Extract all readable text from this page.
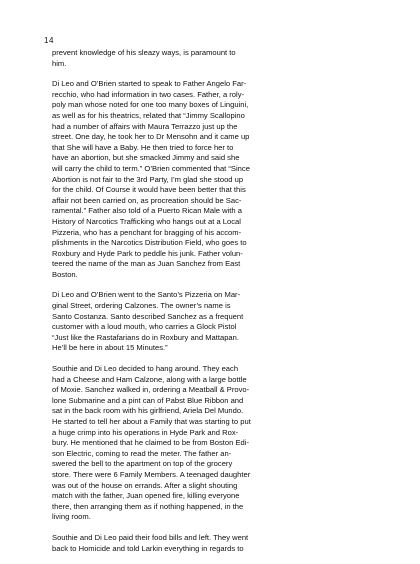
14

prevent knowledge of his sleazy ways, is paramount to
him.

Di Leo and O’Brien started to speak to Father Angelo Far-
recchio, who had information in two cases. Father, a roly-
poly man whose noted for one too many boxes of Linguini,
as well as for his theatrics, related that “Jimmy Scallopino
had a number of affairs with Maura Terrazzo just up the
street. One day, he took her to Dr Mensohn and it came up
that She will have a Baby. He then tried to force her to
have an abortion, but she smacked Jimmy and said she
will carry the child to term.” O’Brien commented that “Since
Abortion is not fair to the 3rd Party, I’m glad she stood up
for the child. Of Course it would have been better that this
affair not been carried on, as procreation should be Sac-
ramental.” Father also told of a Puerto Rican Male with a
History of Narcotics Trafficking who hangs out at a Local
Pizzeria, who has a penchant for bragging of his accom-
plishments in the Narcotics Distribution Field, who goes to
Roxbury and Hyde Park to peddle his junk. Father volun-
teered the name of the man as Juan Sanchez from East
Boston.

Di Leo and O’Brien went to the Santo’s Pizzeria on Mar-
ginal Street, ordering Calzones. The owner’s name is
Santo Costanza. Santo described Sanchez as a frequent
customer with a loud mouth, who carries a Glock Pistol
“Just like the Rastafarians do in Roxbury and Mattapan.
He’ll be here in about 15 Minutes.”

Southie and Di Leo decided to hang around. They each
had a Cheese and Ham Calzone, along with a large bottle
of Moxie. Sanchez walked in, ordering a Meatball & Provo-
lone Submarine and a pint can of Pabst Blue Ribbon and
sat in the back room with his girlfriend, Ariela Del Mundo.
He started to tell her about a Family that was starting to put
a huge crimp into his operations in Hyde Park and Rox-
bury. He mentioned that he claimed to be from Boston Edi-
son Electric, coming to read the meter. The father an-
swered the bell to the apartment on top of the grocery
store. There were 6 Family Members. A teenaged daughter
was out of the house on errands. After a slight shouting
match with the father, Juan opened fire, killing everyone
there, then arranging them as if nothing happened, in the
living room.

Southie and Di Leo paid their food bills and left. They went
back to Homicide and told Larkin everything in regards to
